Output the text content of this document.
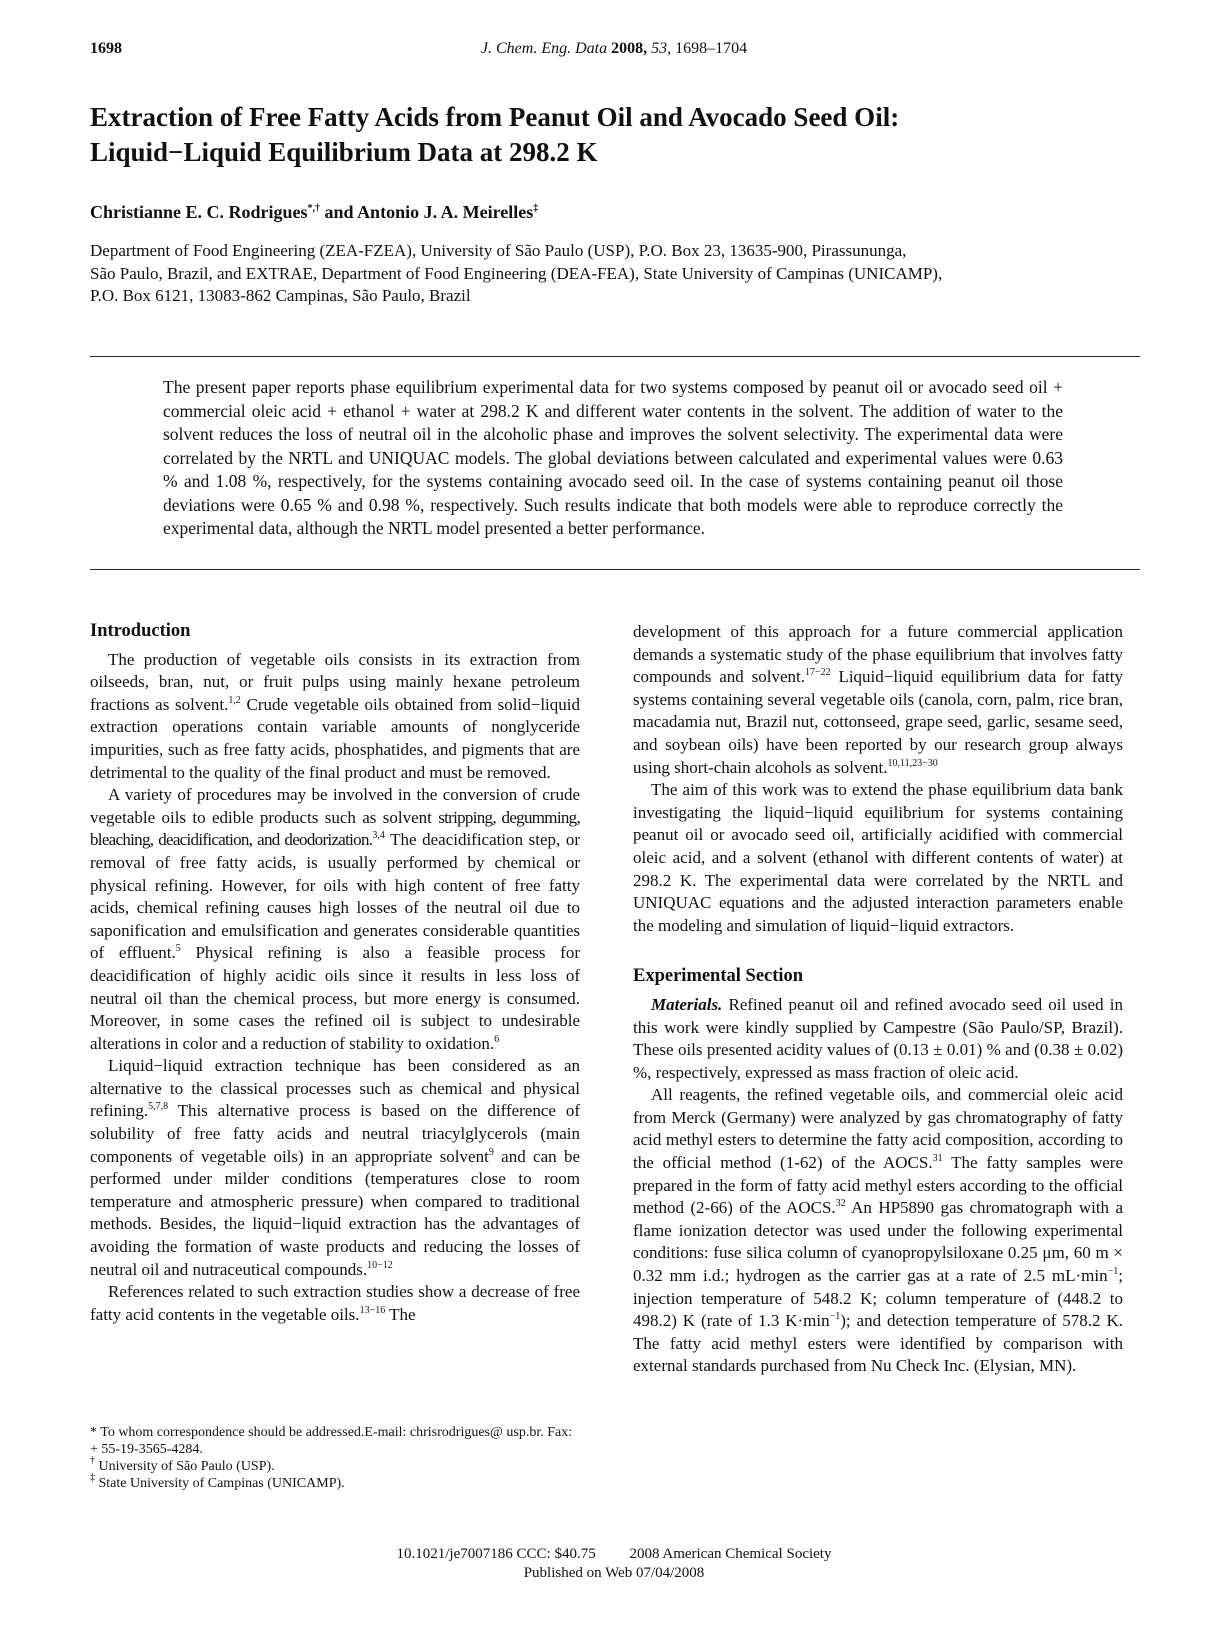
1698	J. Chem. Eng. Data 2008, 53, 1698–1704
Extraction of Free Fatty Acids from Peanut Oil and Avocado Seed Oil:
Liquid−Liquid Equilibrium Data at 298.2 K
Christianne E. C. Rodrigues*,† and Antonio J. A. Meirelles‡
Department of Food Engineering (ZEA-FZEA), University of São Paulo (USP), P.O. Box 23, 13635-900, Pirassununga,
São Paulo, Brazil, and EXTRAE, Department of Food Engineering (DEA-FEA), State University of Campinas (UNICAMP),
P.O. Box 6121, 13083-862 Campinas, São Paulo, Brazil
The present paper reports phase equilibrium experimental data for two systems composed by peanut oil or avocado seed oil + commercial oleic acid + ethanol + water at 298.2 K and different water contents in the solvent. The addition of water to the solvent reduces the loss of neutral oil in the alcoholic phase and improves the solvent selectivity. The experimental data were correlated by the NRTL and UNIQUAC models. The global deviations between calculated and experimental values were 0.63 % and 1.08 %, respectively, for the systems containing avocado seed oil. In the case of systems containing peanut oil those deviations were 0.65 % and 0.98 %, respectively. Such results indicate that both models were able to reproduce correctly the experimental data, although the NRTL model presented a better performance.
Introduction

The production of vegetable oils consists in its extraction from oilseeds, bran, nut, or fruit pulps using mainly hexane petroleum fractions as solvent.$^{1,2}$ Crude vegetable oils obtained from solid−liquid extraction operations contain variable amounts of nonglyceride impurities, such as free fatty acids, phosphatides, and pigments that are detrimental to the quality of the final product and must be removed.

A variety of procedures may be involved in the conversion of crude vegetable oils to edible products such as solvent stripping, degumming, bleaching, deacidification, and deodorization.$^{3,4}$ The deacidification step, or removal of free fatty acids, is usually performed by chemical or physical refining. However, for oils with high content of free fatty acids, chemical refining causes high losses of the neutral oil due to saponification and emulsification and generates considerable quantities of effluent.$^5$ Physical refining is also a feasible process for deacidification of highly acidic oils since it results in less loss of neutral oil than the chemical process, but more energy is consumed. Moreover, in some cases the refined oil is subject to undesirable alterations in color and a reduction of stability to oxidation.$^6$

Liquid−liquid extraction technique has been considered as an alternative to the classical processes such as chemical and physical refining.$^{5,7,8}$ This alternative process is based on the difference of solubility of free fatty acids and neutral triacylglycerols (main components of vegetable oils) in an appropriate solvent$^9$ and can be performed under milder conditions (temperatures close to room temperature and atmospheric pressure) when compared to traditional methods. Besides, the liquid−liquid extraction has the advantages of avoiding the formation of waste products and reducing the losses of neutral oil and nutraceutical compounds.$^{10-12}$

References related to such extraction studies show a decrease of free fatty acid contents in the vegetable oils.$^{13-16}$ The

development of this approach for a future commercial application demands a systematic study of the phase equilibrium that involves fatty compounds and solvent.$^{17-22}$ Liquid−liquid equilibrium data for fatty systems containing several vegetable oils (canola, corn, palm, rice bran, macadamia nut, Brazil nut, cottonseed, grape seed, garlic, sesame seed, and soybean oils) have been reported by our research group always using short-chain alcohols as solvent.$^{10,11,23-30}$

The aim of this work was to extend the phase equilibrium data bank investigating the liquid−liquid equilibrium for systems containing peanut oil or avocado seed oil, artificially acidified with commercial oleic acid, and a solvent (ethanol with different contents of water) at 298.2 K. The experimental data were correlated by the NRTL and UNIQUAC equations and the adjusted interaction parameters enable the modeling and simulation of liquid−liquid extractors.

Experimental Section

Materials. Refined peanut oil and refined avocado seed oil used in this work were kindly supplied by Campestre (São Paulo/SP, Brazil). These oils presented acidity values of (0.13 ± 0.01) % and (0.38 ± 0.02) %, respectively, expressed as mass fraction of oleic acid.

All reagents, the refined vegetable oils, and commercial oleic acid from Merck (Germany) were analyzed by gas chromatography of fatty acid methyl esters to determine the fatty acid composition, according to the official method (1-62) of the AOCS.$^{31}$ The fatty samples were prepared in the form of fatty acid methyl esters according to the official method (2-66) of the AOCS.$^{32}$ An HP5890 gas chromatograph with a flame ionization detector was used under the following experimental conditions: fuse silica column of cyanopropylsiloxane 0.25 μm, 60 m × 0.32 mm i.d.; hydrogen as the carrier gas at a rate of 2.5 $mL\cdot\min^{-1}$; injection temperature of 548.2 K; column temperature of (448.2 to 498.2) K (rate of 1.3 $K\cdot\min^{-1}$); and detection temperature of 578.2 K. The fatty acid methyl esters were identified by comparison with external standards purchased from Nu Check Inc. (Elysian, MN).

* To whom correspondence should be addressed.E-mail: chrisrodrigues@ usp.br. Fax: + 55-19-3565-4284.
† University of São Paulo (USP).
‡ State University of Campinas (UNICAMP).
10.1021/je7007186 CCC: $40.75         2008 American Chemical Society
Published on Web 07/04/2008
